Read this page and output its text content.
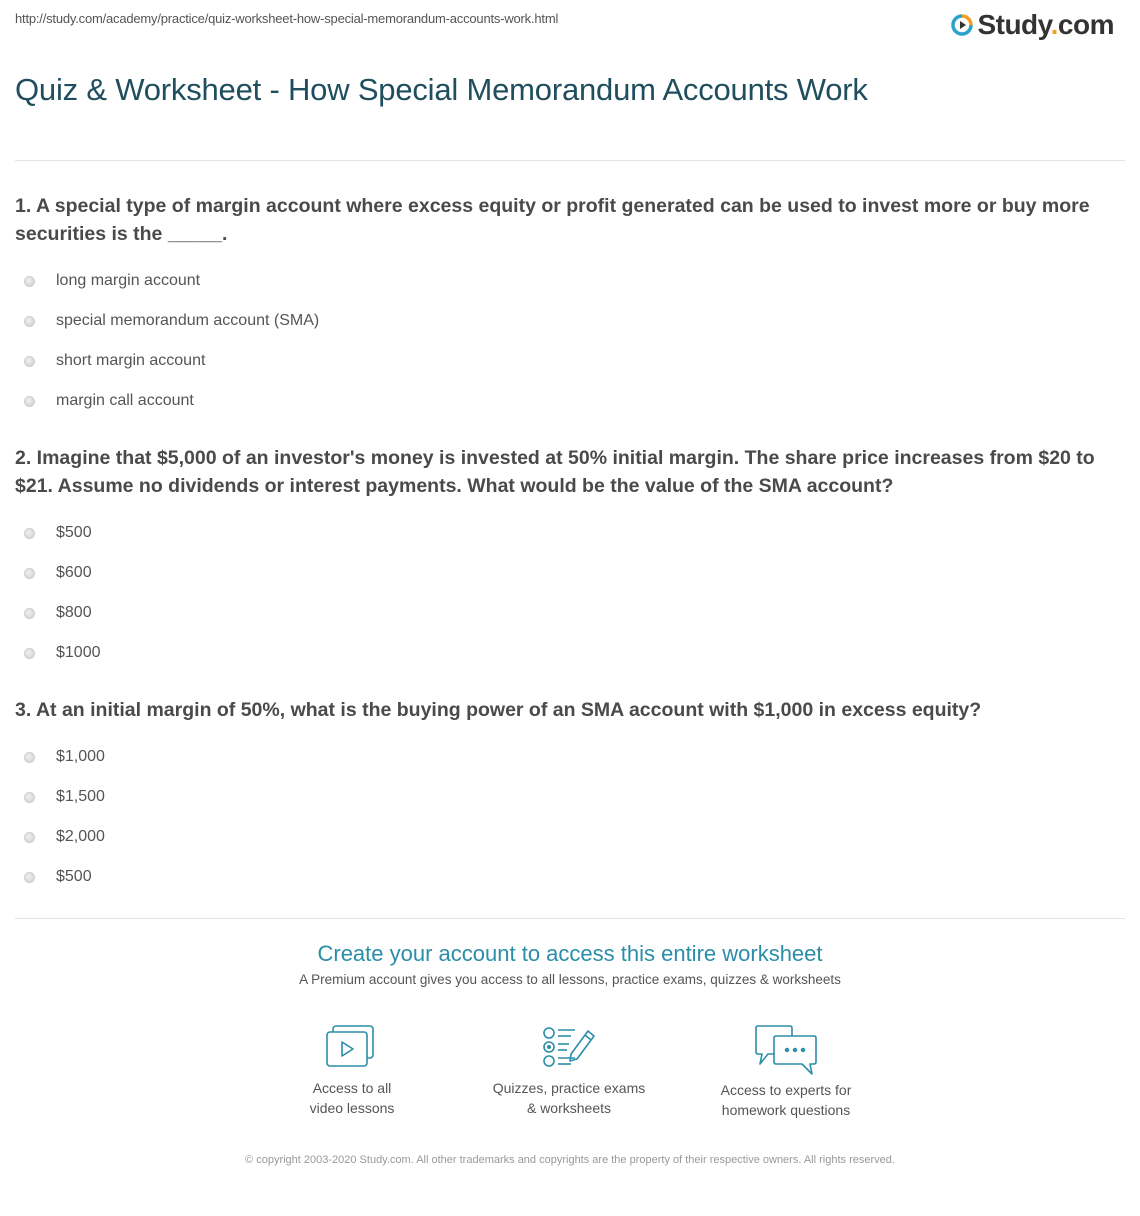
http://study.com/academy/practice/quiz-worksheet-how-special-memorandum-accounts-work.html	Study.com
Quiz & Worksheet - How Special Memorandum Accounts Work
1. A special type of margin account where excess equity or profit generated can be used to invest more or buy more securities is the _____.
long margin account
special memorandum account (SMA)
short margin account
margin call account
2. Imagine that $5,000 of an investor's money is invested at 50% initial margin. The share price increases from $20 to $21. Assume no dividends or interest payments. What would be the value of the SMA account?
$500
$600
$800
$1000
3. At an initial margin of 50%, what is the buying power of an SMA account with $1,000 in excess equity?
$1,000
$1,500
$2,000
$500
Create your account to access this entire worksheet
A Premium account gives you access to all lessons, practice exams, quizzes & worksheets
Access to all
video lessons
Quizzes, practice exams
& worksheets
Access to experts for
homework questions
© copyright 2003-2020 Study.com. All other trademarks and copyrights are the property of their respective owners. All rights reserved.
